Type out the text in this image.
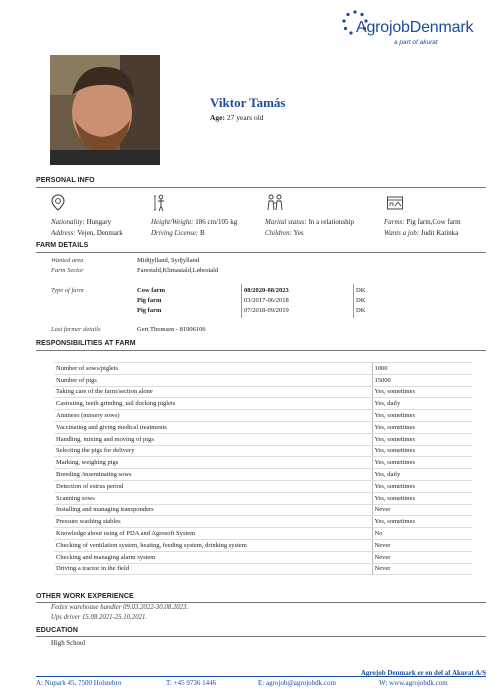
AgrojobDenmark
a part of akurat
Viktor Tamás
Age: 27 years old
PERSONAL INFO
Nationality: Hungary
Address: Vejen, Denmark
Height/Weight: 186 cm/105 kg
Driving License: B
Marital status: In a relationship
Children: Yes
Farms: Pig farm,Cow farm
Wants a job: Judit Katinka
FARM DETAILS
Wanted area	Midtjylland, Sydjylland
Farm Sector	Farestald,Klimastald,Løbestald
Type of farm	Cow farm	08/2020-08/2023	DK
Pig farm	03/2017-06/2018	DK
Pig farm	07/2018-09/2019	DK
Last farmer details	Gert Thomsen - 81906106
RESPONSIBILITIES AT FARM
Number of sows/piglets	1000
Number of pigs	15000
Taking care of the farm/section alone	Yes, sometimes
Castrating, teeth grinding, tail docking piglets	Yes, daily
Ammeso (nursery sows)	Yes, sometimes
Vaccinating and giving medical treatments	Yes, sometimes
Handling, mixing and moving of pigs	Yes, sometimes
Selecting the pigs for delivery	Yes, sometimes
Marking, weighing pigs	Yes, sometimes
Breeding /inseminating sows	Yes, daily
Detection of estrus period	Yes, sometimes
Scanning sows	Yes, sometimes
Installing and managing transponders	Never
Pressure washing stables	Yes, sometimes
Knowledge about using of PDA and Agrosoft System	No
Checking of ventilation system, heating, feeding system, drinking system	Never
Checking and managing alarm system	Never
Driving a tractor in the field	Never
OTHER WORK EXPERIENCE
Fedex warehouse handler 09.03.2022-30.08.2023.
Ups driver 15.08.2021-25.10.2021.
EDUCATION
High School
Agrojob Denmark er en del af Akurat A/S
A: Nupark 45, 7500 Holstebro	T: +45 9736 1446	E: agrojob@agrojobdk.com	W: www.agrojobdk.com
